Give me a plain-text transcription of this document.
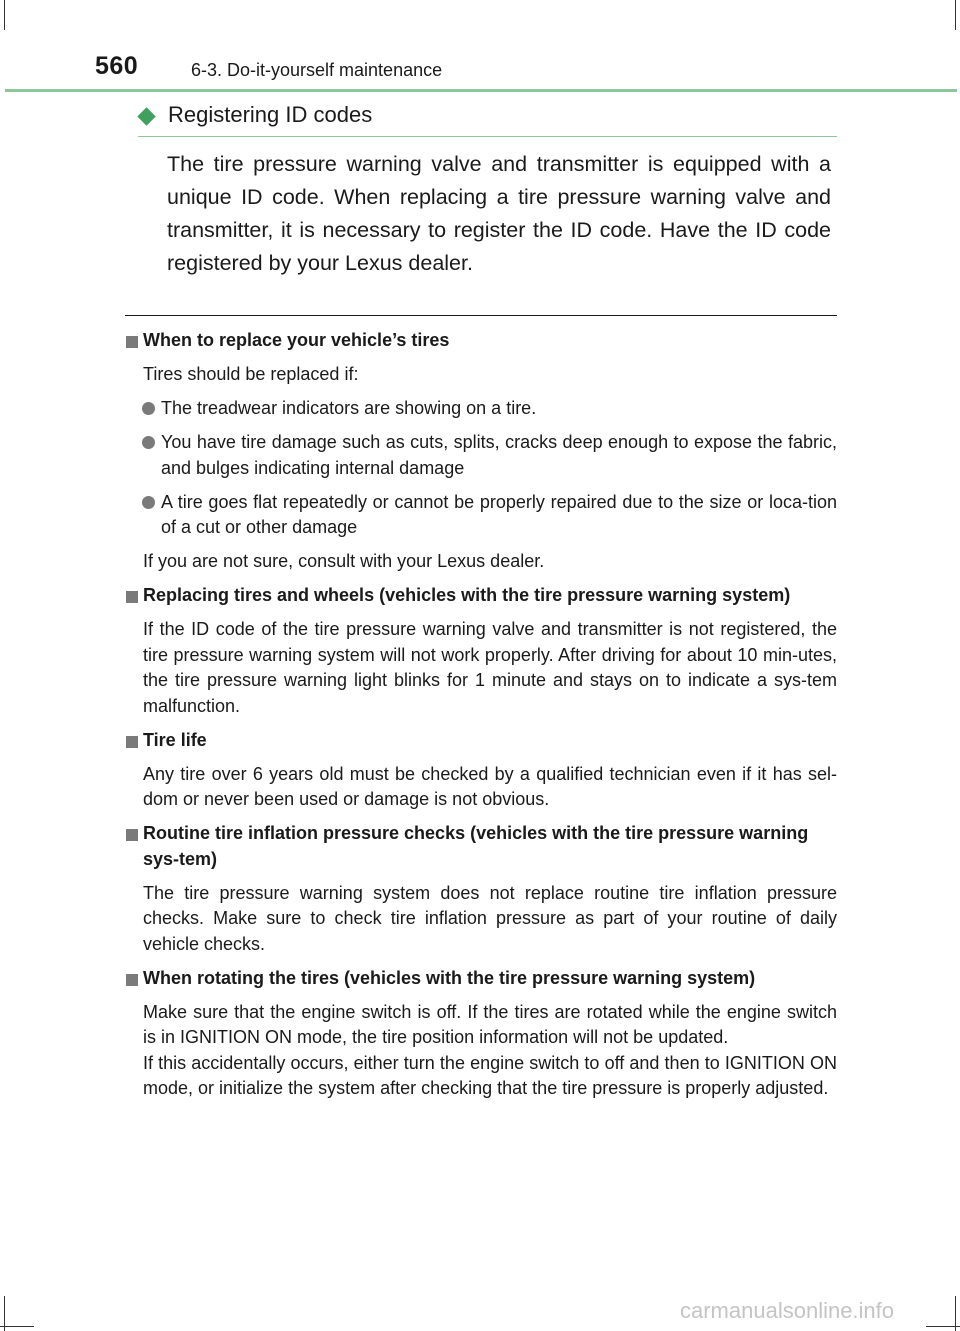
560	6-3. Do-it-yourself maintenance
Registering ID codes

The tire pressure warning valve and transmitter is equipped with a unique ID code. When replacing a tire pressure warning valve and transmitter, it is necessary to register the ID code. Have the ID code registered by your Lexus dealer.

When to replace your vehicle’s tires
Tires should be replaced if:
The treadwear indicators are showing on a tire.
You have tire damage such as cuts, splits, cracks deep enough to expose the fabric, and bulges indicating internal damage
A tire goes flat repeatedly or cannot be properly repaired due to the size or loca-tion of a cut or other damage
If you are not sure, consult with your Lexus dealer.
Replacing tires and wheels (vehicles with the tire pressure warning system)
If the ID code of the tire pressure warning valve and transmitter is not registered, the tire pressure warning system will not work properly. After driving for about 10 min-utes, the tire pressure warning light blinks for 1 minute and stays on to indicate a sys-tem malfunction.
Tire life
Any tire over 6 years old must be checked by a qualified technician even if it has sel-dom or never been used or damage is not obvious.
Routine tire inflation pressure checks (vehicles with the tire pressure warning sys-tem)
The tire pressure warning system does not replace routine tire inflation pressure checks. Make sure to check tire inflation pressure as part of your routine of daily vehicle checks.
When rotating the tires (vehicles with the tire pressure warning system)
Make sure that the engine switch is off. If the tires are rotated while the engine switch is in IGNITION ON mode, the tire position information will not be updated.
If this accidentally occurs, either turn the engine switch to off and then to IGNITION ON mode, or initialize the system after checking that the tire pressure is properly adjusted.
carmanualsonline.info
